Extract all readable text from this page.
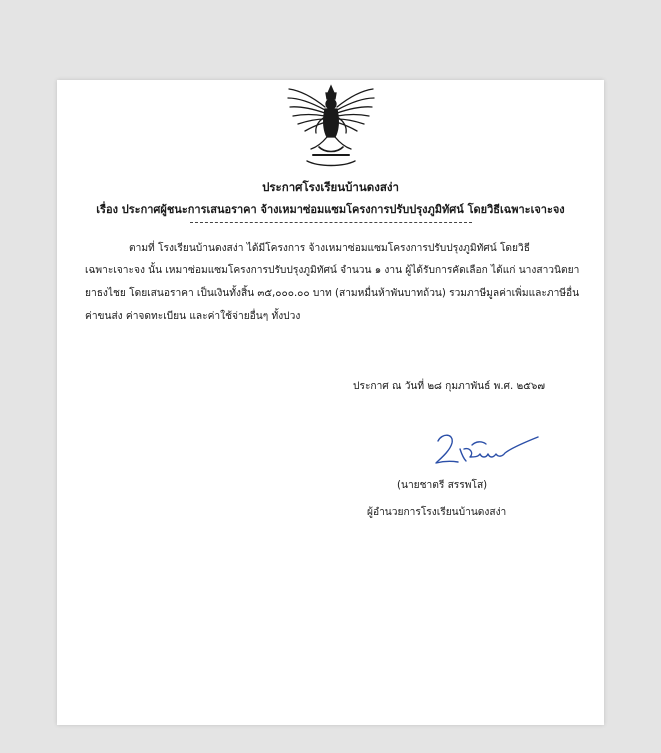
ประกาศโรงเรียนบ้านดงสง่า
เรื่อง ประกาศผู้ชนะการเสนอราคา จ้างเหมาซ่อมแซมโครงการปรับปรุงภูมิทัศน์ โดยวิธีเฉพาะเจาะจง
ตามที่ โรงเรียนบ้านดงสง่า ได้มีโครงการ จ้างเหมาซ่อมแซมโครงการปรับปรุงภูมิทัศน์ โดยวิธี
เฉพาะเจาะจง นั้น เหมาซ่อมแซมโครงการปรับปรุงภูมิทัศน์ จำนวน ๑ งาน ผู้ได้รับการคัดเลือก ได้แก่ นางสาวนิตยา
ยาธงไชย โดยเสนอราคา เป็นเงินทั้งสิ้น ๓๕,๐๐๐.๐๐ บาท (สามหมื่นห้าพันบาทถ้วน) รวมภาษีมูลค่าเพิ่มและภาษีอื่น
ค่าขนส่ง ค่าจดทะเบียน และค่าใช้จ่ายอื่นๆ ทั้งปวง
ประกาศ ณ วันที่ ๒๘ กุมภาพันธ์ พ.ศ. ๒๕๖๗
(นายชาตรี สรรพโส)
ผู้อำนวยการโรงเรียนบ้านดงสง่า
